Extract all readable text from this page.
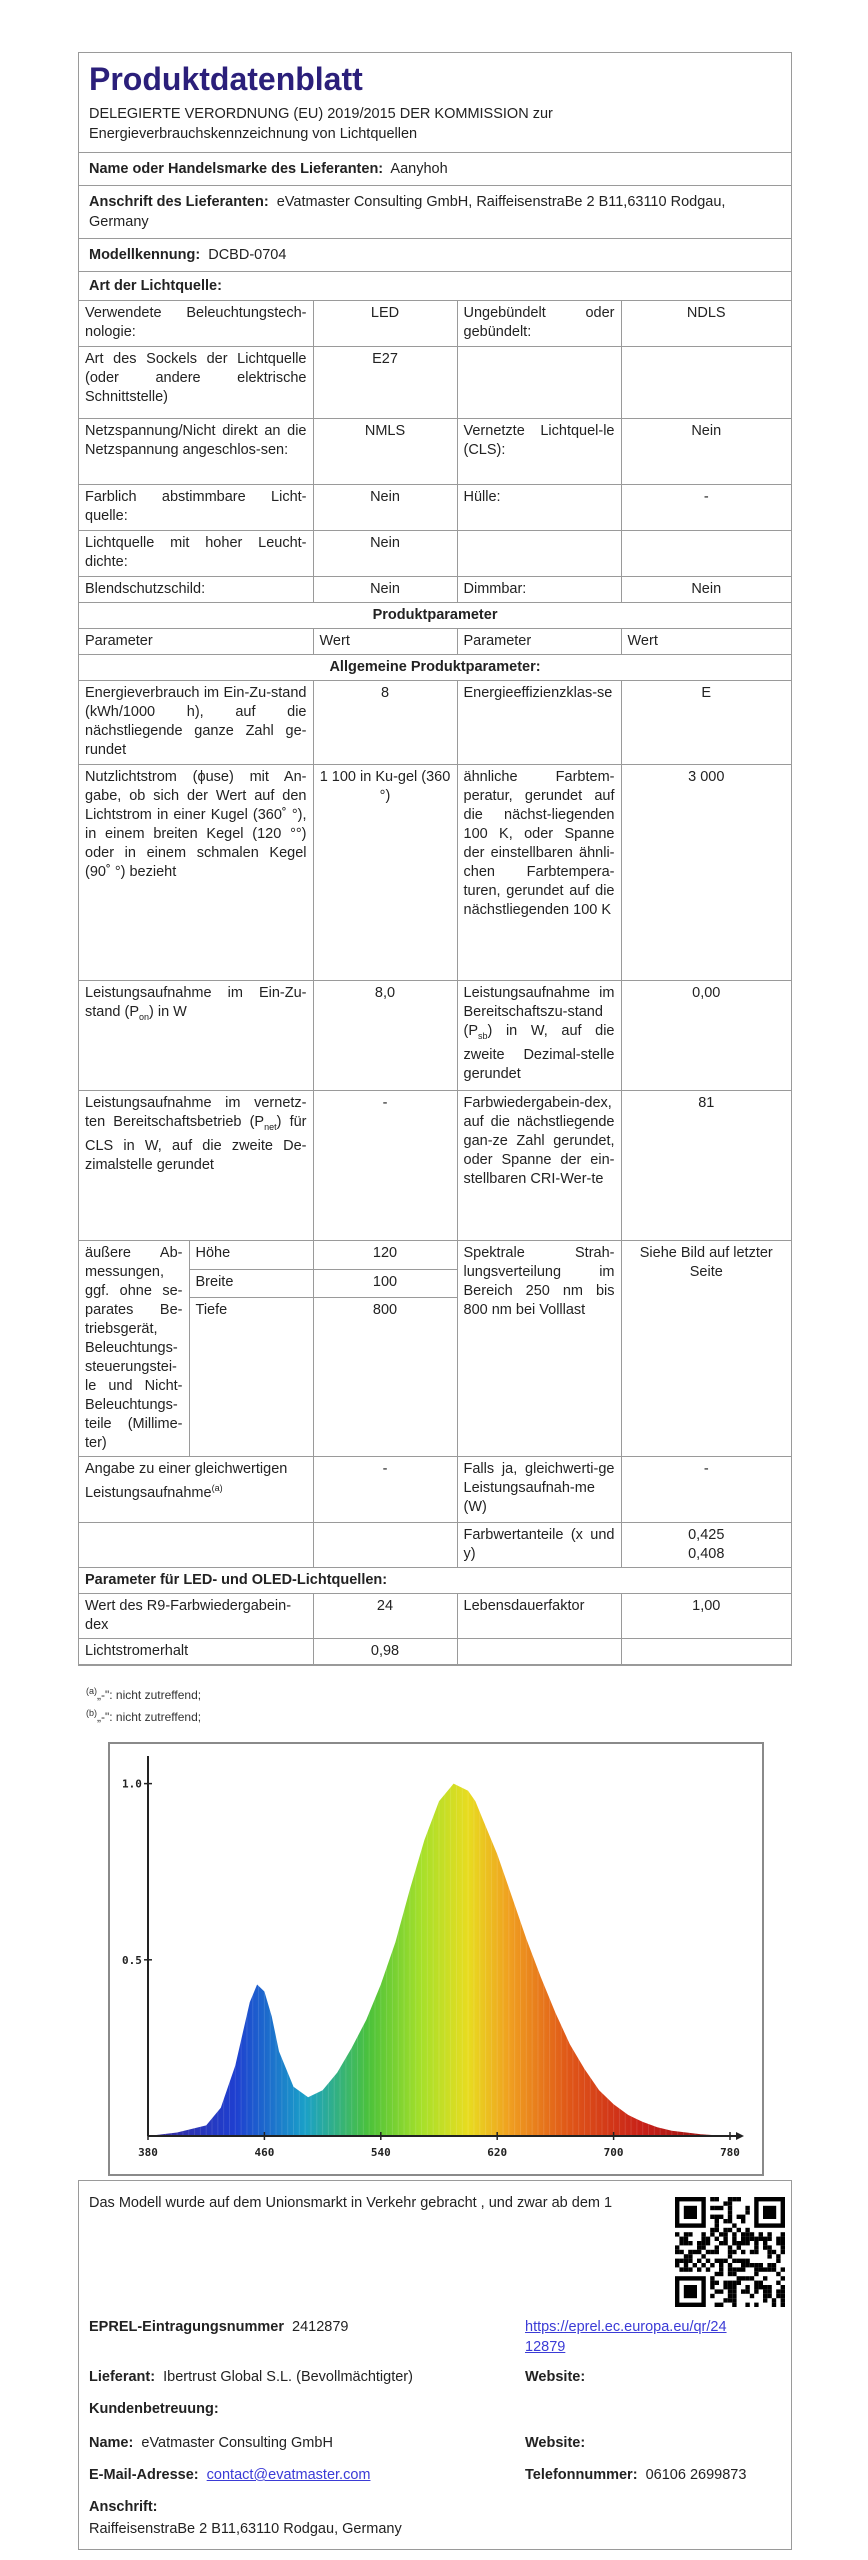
Produktdatenblatt
DELEGIERTE VERORDNUNG (EU) 2019/2015 DER KOMMISSION zur
Energieverbrauchskennzeichnung von Lichtquellen
Name oder Handelsmarke des Lieferanten: Aanyhoh
Anschrift des Lieferanten: eVatmaster Consulting GmbH, RaiffeisenstraBe 2 B11,63110 Rodgau,
Germany
Modellkennung: DCBD-0704
Art der Lichtquelle:
Verwendete Beleuchtungstech-nologie:	LED	Ungebündelt oder gebündelt:	NDLS
Art des Sockels der Lichtquelle (oder andere elektrische Schnittstelle)	E27		
Netzspannung/Nicht direkt an die Netzspannung angeschlos-sen:	NMLS	Vernetzte Lichtquel-le (CLS):	Nein
Farblich abstimmbare Licht-quelle:	Nein	Hülle:	-
Lichtquelle mit hoher Leucht-dichte:	Nein		
Blendschutzschild:	Nein	Dimmbar:	Nein
Produktparameter				
Parameter		Wert	Parameter	Wert
Allgemeine Produktparameter:				
Energieverbrauch im Ein-Zu-stand (kWh/1000 h), auf die nächstliegende ganze Zahl ge-rundet		8	Energieeffizienzklas-se	E
Nutzlichtstrom (ϕuse) mit An-gabe, ob sich der Wert auf den Lichtstrom in einer Kugel (360˚ °), in einem breiten Kegel (120 °°) oder in einem schmalen Kegel (90˚ °) bezieht		1 100 in Ku-gel (360 °)	ähnliche Farbtem-peratur, gerundet auf die nächst-liegenden 100 K, oder Spanne der einstellbaren ähnli-chen Farbtempera-turen, gerundet auf die nächstliegenden 100 K	3 000
Leistungsaufnahme im Ein-Zu-stand $(P_{on})$ in W		8,0	Leistungsaufnahme im Bereitschaftszu-stand $(P_{sb})$ in W, auf die zweite Dezimal-stelle gerundet	0,00
Leistungsaufnahme im vernetz-ten Bereitschaftsbetrieb $(P_{net})$ für CLS in W, auf die zweite De-zimalstelle gerundet		-	Farbwiedergabein-dex, auf die nächstliegende gan-ze Zahl gerundet, oder Spanne der ein-stellbaren CRI-Wer-te	81
äußere Ab-messungen, ggf. ohne se-parates Be-triebsgerät, Beleuchtungs-steuerungstei-le und Nicht-Beleuchtungs-teile (Millime-ter)	Höhe	120	Spektrale Strah-lungsverteilung im Bereich 250 nm bis 800 nm bei Volllast	Siehe Bild auf letzter Seite
	Breite	100		
	Tiefe	800		

Angabe zu einer gleichwertigen Leistungsaufnahme$^{(a)}$		-	Falls ja, gleichwerti-ge Leistungsaufnah-me (W)	-
			Farbwertanteile (x und y)	0,425
0,408

Parameter für LED- und OLED-Lichtquellen:				
Wert des R9-Farbwiedergabein-dex		24	Lebensdauerfaktor	1,00
Lichtstromerhalt		0,98		
$^{(a)}$„-": nicht zutreffend;
$^{(b)}$„-": nicht zutreffend;
1.0
0.5
380	460	540	620	700	780
Das Modell wurde auf dem Unionsmarkt in Verkehr gebracht , und zwar ab dem 1
EPREL-Eintragungsnummer 2412879	https://eprel.ec.europa.eu/qr/24
12879
Lieferant: Ibertrust Global S.L. (Bevollmächtigter)	Website:
Kundenbetreuung:
Name: eVatmaster Consulting GmbH	Website:
E-Mail-Adresse: contact@evatmaster.com	Telefonnummer: 06106 2699873
Anschrift:
RaiffeisenstraBe 2 B11,63110 Rodgau, Germany
